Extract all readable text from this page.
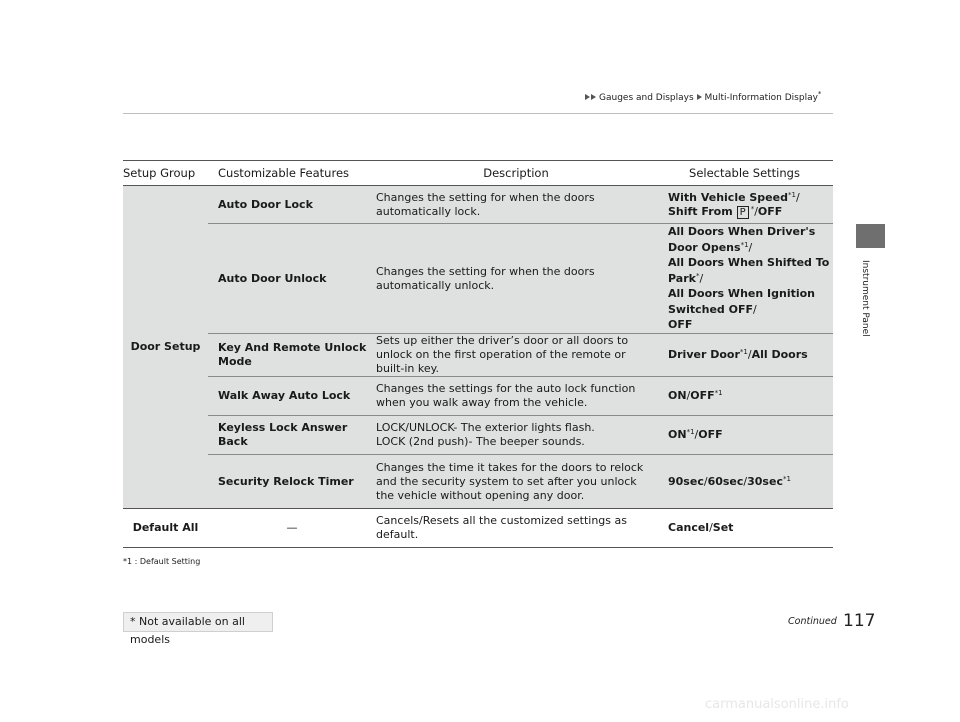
Gauges and Displays Multi-Information Display*
Instrument Panel
Setup Group	Customizable Features	Description	Selectable Settings
Door Setup	Auto Door Lock	Changes the setting for when the doors automatically lock.	With Vehicle Speed$^{*1}$/
Shift From P */OFF
	Auto Door Unlock	Changes the setting for when the doors automatically unlock.	All Doors When Driver's Door Opens$^{*1}$/
All Doors When Shifted To Park*/
All Doors When Ignition Switched OFF/
OFF
	Key And Remote Unlock Mode	Sets up either the driver’s door or all doors to unlock on the first operation of the remote or built-in key.	Driver Door$^{*1}$/All Doors
	Walk Away Auto Lock	Changes the settings for the auto lock function when you walk away from the vehicle.	ON/OFF$^{*1}$
	Keyless Lock Answer Back	LOCK/UNLOCK- The exterior lights flash.
LOCK (2nd push)- The beeper sounds.	ON$^{*1}$/OFF
	Security Relock Timer	Changes the time it takes for the doors to relock and the security system to set after you unlock the vehicle without opening any door.	$90\sec/60\sec/30\sec^{*1}$
Default All	—	Cancels/Resets all the customized settings as default.	Cancel/Set
*1 : Default Setting
Continued 117
* Not available on all models
carmanualsonline.info
